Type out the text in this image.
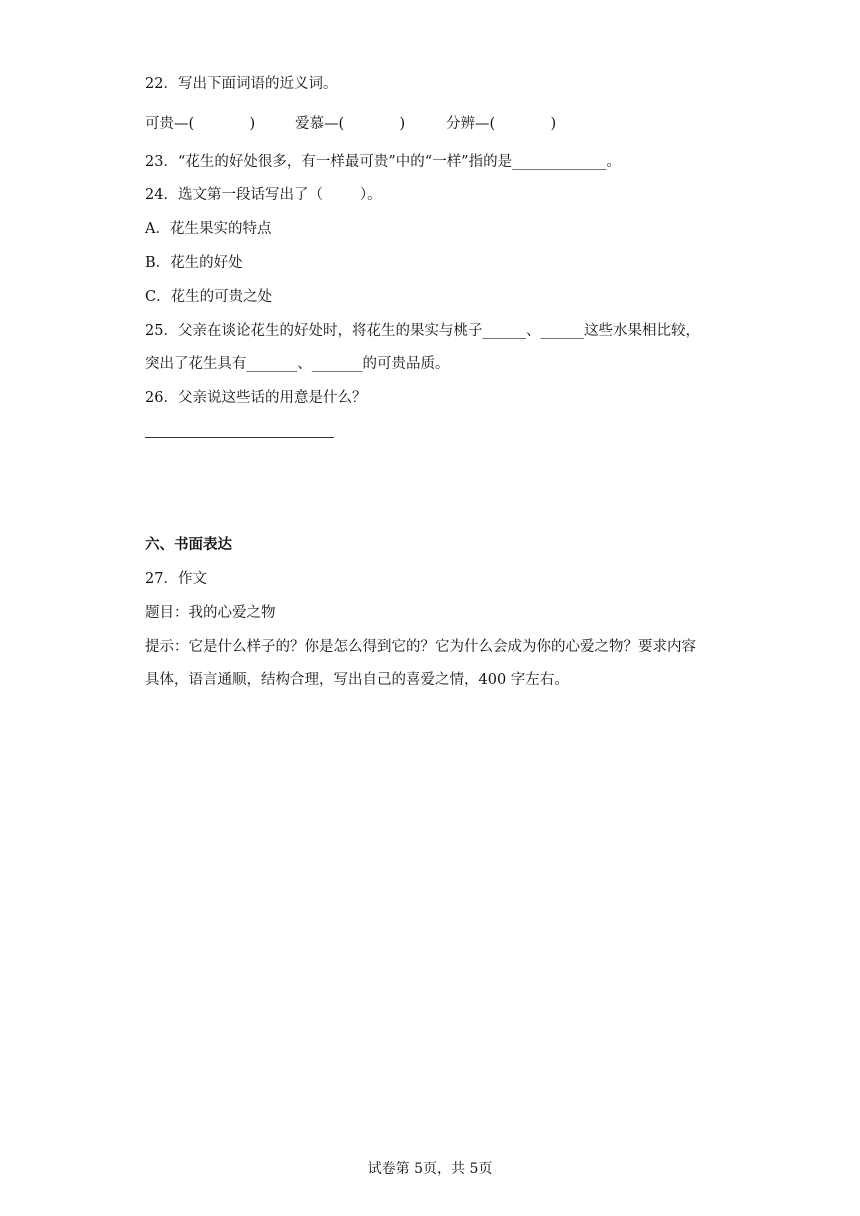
22．写出下面词语的近义词。
可贵—(            )	爱慕—(            )	分辨—(            )
23．“花生的好处很多，有一样最可贵”中的“一样”指的是_____________。
24．选文第一段话写出了（        ）。
A．花生果实的特点
B．花生的好处
C．花生的可贵之处
25．父亲在谈论花生的好处时，将花生的果实与桃子______、______这些水果相比较，
突出了花生具有_______、_______的可贵品质。
26．父亲说这些话的用意是什么？
六、书面表达
27．作文
题目：我的心爱之物
提示：它是什么样子的？你是怎么得到它的？它为什么会成为你的心爱之物？要求内容
具体，语言通顺，结构合理，写出自己的喜爱之情，400 字左右。
试卷第 5页，共 5页
